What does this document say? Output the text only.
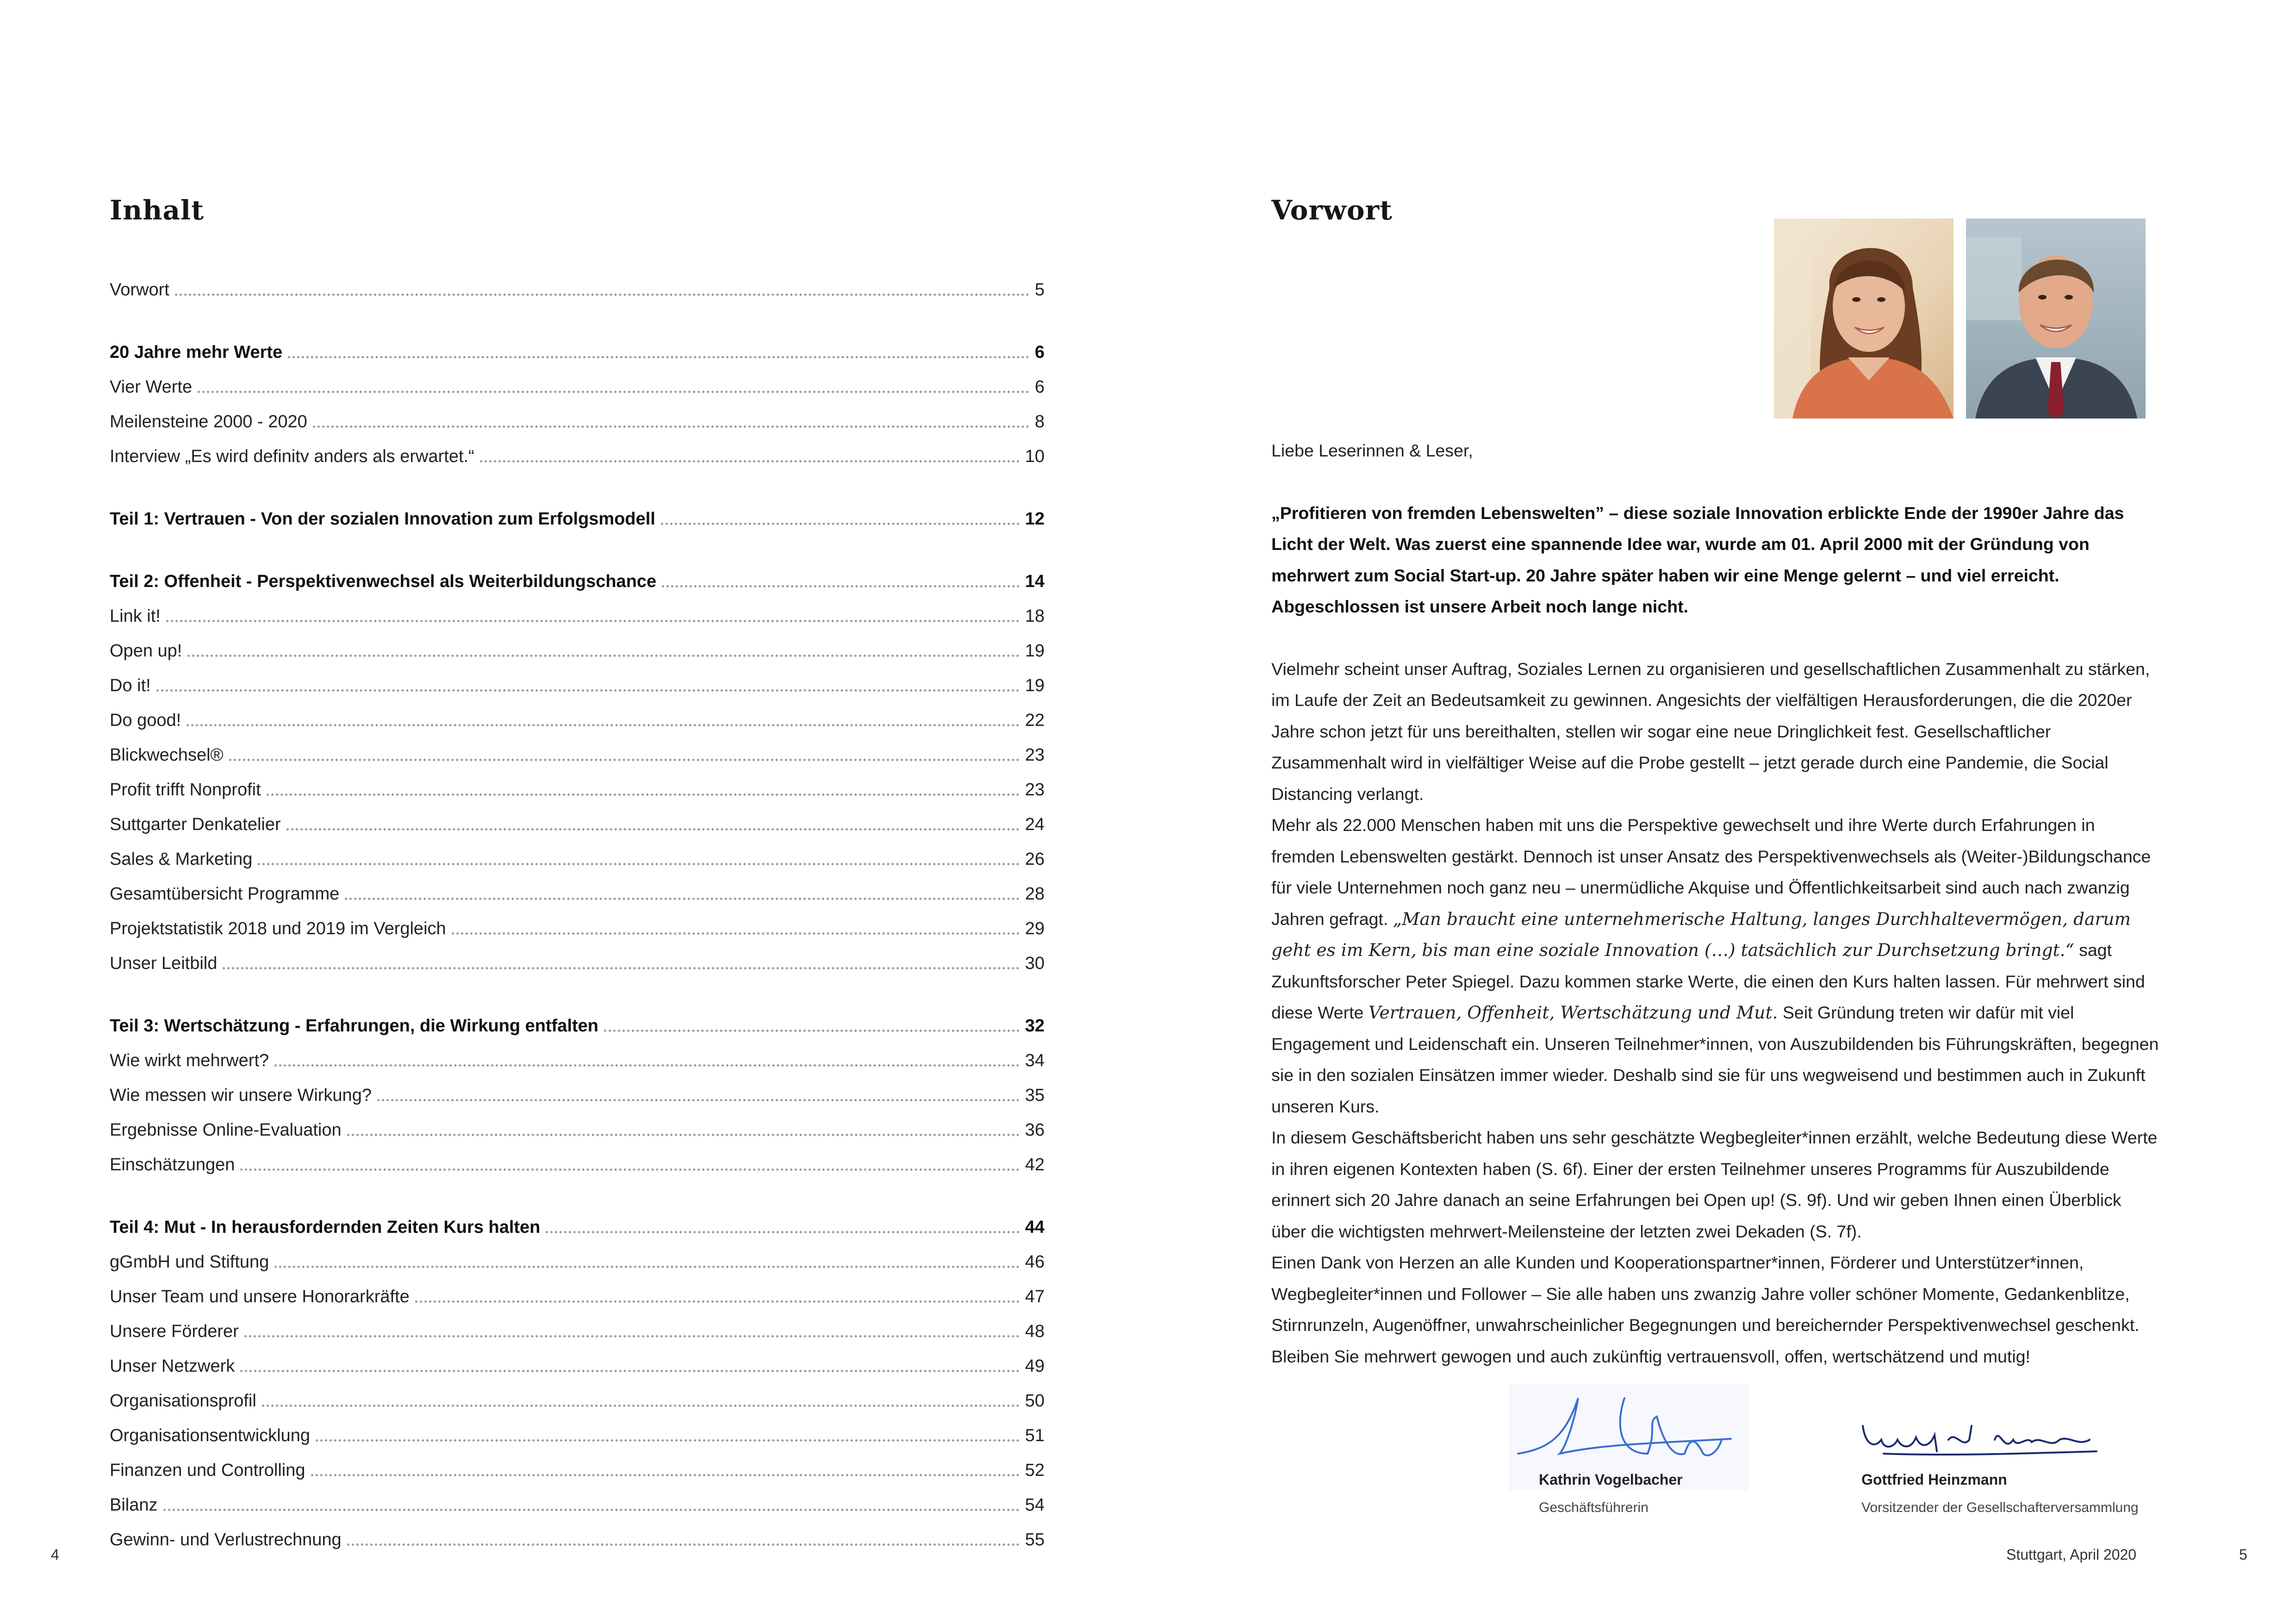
Inhalt
Vorwort	5
20 Jahre mehr Werte	6
Vier Werte	6
Meilensteine 2000 - 2020	8
Interview „Es wird definitv anders als erwartet.“	10
Teil 1: Vertrauen - Von der sozialen Innovation zum Erfolgsmodell	12
Teil 2: Offenheit - Perspektivenwechsel als Weiterbildungschance	14
Link it!	18
Open up!	19
Do it!	19
Do good!	22
Blickwechsel®	23
Profit trifft Nonprofit	23
Suttgarter Denkatelier	24
Sales & Marketing	26
Gesamtübersicht Programme	28
Projektstatistik 2018 und 2019 im Vergleich	29
Unser Leitbild	30
Teil 3: Wertschätzung - Erfahrungen, die Wirkung entfalten	32
Wie wirkt mehrwert?	34
Wie messen wir unsere Wirkung?	35
Ergebnisse Online-Evaluation	36
Einschätzungen	42
Teil 4: Mut - In herausfordernden Zeiten Kurs halten	44
gGmbH und Stiftung	46
Unser Team und unsere Honorarkräfte	47
Unsere Förderer	48
Unser Netzwerk	49
Organisationsprofil	50
Organisationsentwicklung	51
Finanzen und Controlling	52
Bilanz	54
Gewinn- und Verlustrechnung	55
4
Vorwort

Liebe Leserinnen & Leser,

„Profitieren von fremden Lebenswelten” – diese soziale Innovation erblickte Ende der 1990er Jahre das Licht der Welt. Was zuerst eine spannende Idee war, wurde am 01. April 2000 mit der Gründung von mehrwert zum Social Start-up. 20 Jahre später haben wir eine Menge gelernt – und viel erreicht. Abgeschlossen ist unsere Arbeit noch lange nicht.

Vielmehr scheint unser Auftrag, Soziales Lernen zu organisieren und gesellschaftlichen Zusammenhalt zu stärken, im Laufe der Zeit an Bedeutsamkeit zu gewinnen. Angesichts der vielfältigen Herausforderungen, die die 2020er Jahre schon jetzt für uns bereithalten, stellen wir sogar eine neue Dringlichkeit fest. Gesellschaftlicher Zusammenhalt wird in vielfältiger Weise auf die Probe gestellt – jetzt gerade durch eine Pandemie, die Social Distancing verlangt.

Mehr als 22.000 Menschen haben mit uns die Perspektive gewechselt und ihre Werte durch Erfahrungen in fremden Lebenswelten gestärkt. Dennoch ist unser Ansatz des Perspektivenwechsels als (Weiter-)Bildungschance für viele Unternehmen noch ganz neu – unermüdliche Akquise und Öffentlichkeitsarbeit sind auch nach zwanzig Jahren gefragt. „Man braucht eine unternehmerische Haltung, langes Durchhaltevermögen, darum geht es im Kern, bis man eine soziale Innovation (…) tatsächlich zur Durchsetzung bringt.“ sagt Zukunftsforscher Peter Spiegel. Dazu kommen starke Werte, die einen den Kurs halten lassen. Für mehrwert sind diese Werte Vertrauen, Offenheit, Wertschätzung und Mut. Seit Gründung treten wir dafür mit viel Engagement und Leidenschaft ein. Unseren Teilnehmer*innen, von Auszubildenden bis Führungskräften, begegnen sie in den sozialen Einsätzen immer wieder. Deshalb sind sie für uns wegweisend und bestimmen auch in Zukunft unseren Kurs.

In diesem Geschäftsbericht haben uns sehr geschätzte Wegbegleiter*innen erzählt, welche Bedeutung diese Werte in ihren eigenen Kontexten haben (S. 6f). Einer der ersten Teilnehmer unseres Programms für Auszubildende erinnert sich 20 Jahre danach an seine Erfahrungen bei Open up! (S. 9f). Und wir geben Ihnen einen Überblick über die wichtigsten mehrwert-Meilensteine der letzten zwei Dekaden (S. 7f).

Einen Dank von Herzen an alle Kunden und Kooperationspartner*innen, Förderer und Unterstützer*innen, Wegbegleiter*innen und Follower – Sie alle haben uns zwanzig Jahre voller schöner Momente, Gedankenblitze, Stirnrunzeln, Augenöffner, unwahrscheinlicher Begegnungen und bereichernder Perspektivenwechsel geschenkt. Bleiben Sie mehrwert gewogen und auch zukünftig vertrauensvoll, offen, wertschätzend und mutig!

Kathrin Vogelbacher
Geschäftsführerin
Gottfried Heinzmann
Vorsitzender der Gesellschafterversammlung
Stuttgart, April 2020	5
